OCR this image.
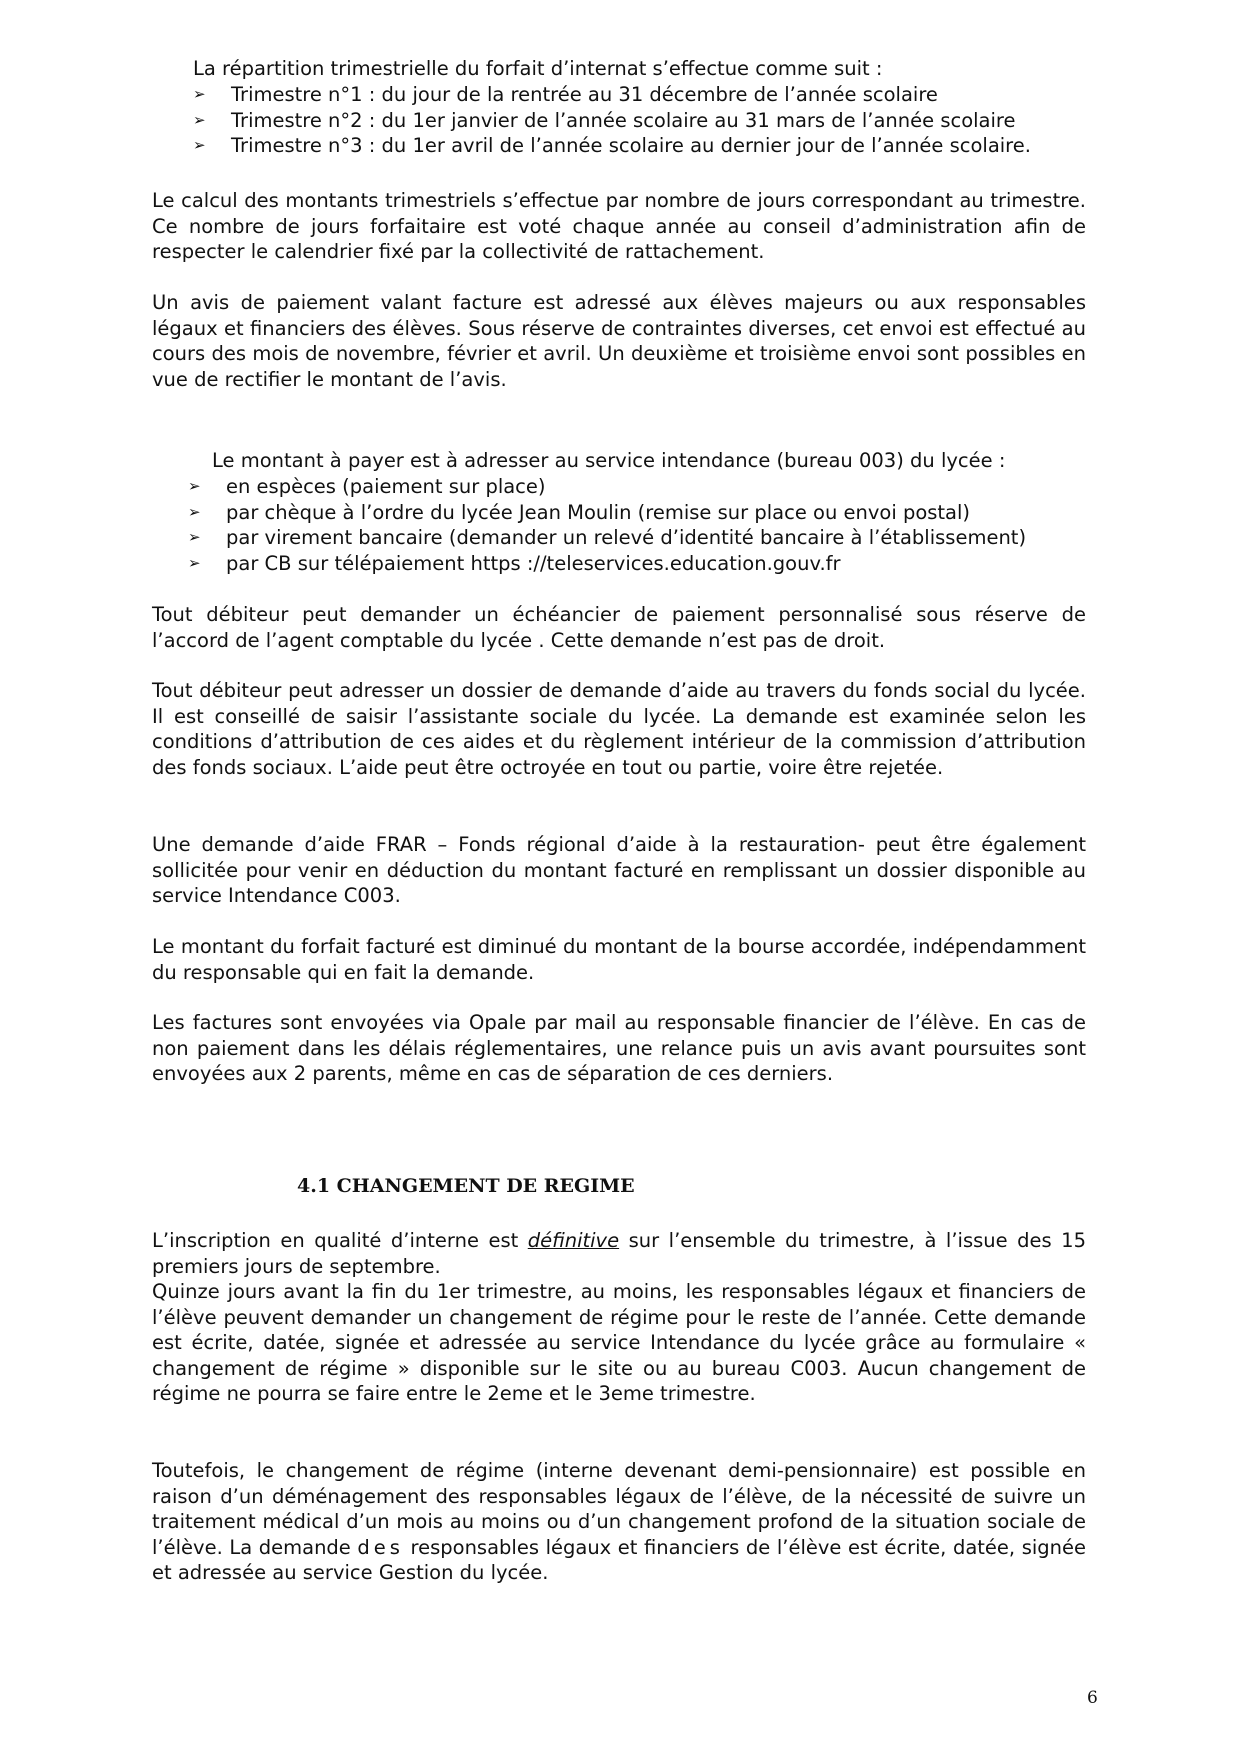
La répartition trimestrielle du forfait d’internat s’effectue comme suit :
➢ Trimestre n°1 : du jour de la rentrée au 31 décembre de l’année scolaire
➢ Trimestre n°2 : du 1er janvier de l’année scolaire au 31 mars de l’année scolaire
➢ Trimestre n°3 : du 1er avril de l’année scolaire au dernier jour de l’année scolaire.
Le calcul des montants trimestriels s’effectue par nombre de jours correspondant au trimestre. Ce nombre de jours forfaitaire est voté chaque année au conseil d’administration afin de respecter le calendrier fixé par la collectivité de rattachement.
Un avis de paiement valant facture est adressé aux élèves majeurs ou aux responsables légaux et financiers des élèves. Sous réserve de contraintes diverses, cet envoi est effectué au cours des mois de novembre, février et avril. Un deuxième et troisième envoi sont possibles en vue de rectifier le montant de l’avis.
Le montant à payer est à adresser au service intendance (bureau 003) du lycée :
➢ en espèces (paiement sur place)
➢ par chèque à l’ordre du lycée Jean Moulin (remise sur place ou envoi postal)
➢ par virement bancaire (demander un relevé d’identité bancaire à l’établissement)
➢ par CB sur télépaiement https ://teleservices.education.gouv.fr
Tout débiteur peut demander un échéancier de paiement personnalisé sous réserve de l’accord de l’agent comptable du lycée . Cette demande n’est pas de droit.
Tout débiteur peut adresser un dossier de demande d’aide au travers du fonds social du lycée. Il est conseillé de saisir l’assistante sociale du lycée. La demande est examinée selon les conditions d’attribution de ces aides et du règlement intérieur de la commission d’attribution des fonds sociaux. L’aide peut être octroyée en tout ou partie, voire être rejetée.
Une demande d’aide FRAR – Fonds régional d’aide à la restauration- peut être également sollicitée pour venir en déduction du montant facturé en remplissant un dossier disponible au service Intendance C003.
Le montant du forfait facturé est diminué du montant de la bourse accordée, indépendamment du responsable qui en fait la demande.
Les factures sont envoyées via Opale par mail au responsable financier de l’élève. En cas de non paiement dans les délais réglementaires, une relance puis un avis avant poursuites sont envoyées aux 2 parents, même en cas de séparation de ces derniers.
4.1 CHANGEMENT DE REGIME
L’inscription en qualité d’interne est définitive sur l’ensemble du trimestre, à l’issue des 15 premiers jours de septembre.
Quinze jours avant la fin du 1er trimestre, au moins, les responsables légaux et financiers de l’élève peuvent demander un changement de régime pour le reste de l’année. Cette demande est écrite, datée, signée et adressée au service Intendance du lycée grâce au formulaire « changement de régime » disponible sur le site ou au bureau C003. Aucun changement de régime ne pourra se faire entre le 2eme et le 3eme trimestre.
Toutefois, le changement de régime (interne devenant demi-pensionnaire) est possible en raison d’un déménagement des responsables légaux de l’élève, de la nécessité de suivre un traitement médical d’un mois au moins ou d’un changement profond de la situation sociale de l’élève. La demande des responsables légaux et financiers de l’élève est écrite, datée, signée et adressée au service Gestion du lycée.
6
